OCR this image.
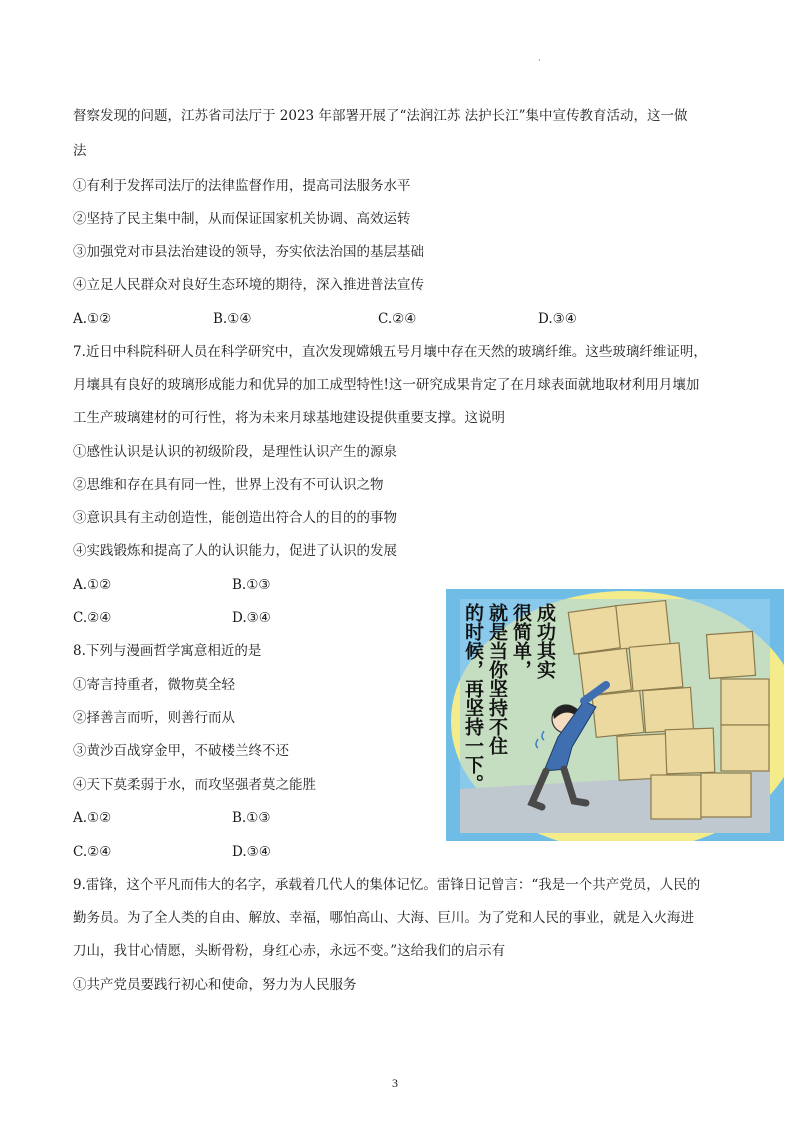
·
督察发现的问题，江苏省司法厅于 2023 年部署开展了“法润江苏 法护长江”集中宣传教育活动，这一做
法
①有利于发挥司法厅的法律监督作用，提高司法服务水平
②坚持了民主集中制，从而保证国家机关协调、高效运转
③加强党对市县法治建设的领导，夯实依法治国的基层基础
④立足人民群众对良好生态环境的期待，深入推进普法宣传
A.①②	B.①④	C.②④	D.③④
7.近日中科院科研人员在科学研究中，直次发现嫦娥五号月壤中存在天然的玻璃纤维。这些玻璃纤维证明，
月壤具有良好的玻璃形成能力和优异的加工成型特性!这一研究成果肯定了在月球表面就地取材利用月壤加
工生产玻璃建材的可行性，将为未来月球基地建设提供重要支撑。这说明
①感性认识是认识的初级阶段，是理性认识产生的源泉
②思维和存在具有同一性，世界上没有不可认识之物
③意识具有主动创造性，能创造出符合人的目的的事物
④实践锻炼和提高了人的认识能力，促进了认识的发展
A.①②	B.①③
C.②④	D.③④
8.下列与漫画哲学寓意相近的是
①寄言持重者，微物莫全轻
②择善言而听，则善行而从
③黄沙百战穿金甲，不破楼兰终不还
④天下莫柔弱于水，而攻坚强者莫之能胜
A.①②	B.①③
C.②④	D.③④
9.雷锋，这个平凡而伟大的名字，承载着几代人的集体记忆。雷锋日记曾言：“我是一个共产党员，人民的
勤务员。为了全人类的自由、解放、幸福，哪怕高山、大海、巨川。为了党和人民的事业，就是入火海进
刀山，我甘心情愿，头断骨粉，身红心赤，永远不变。”这给我们的启示有
①共产党员要践行初心和使命，努力为人民服务
成功其实
很简单，
就是当你坚持不住
的时候，再坚持一下。
3
